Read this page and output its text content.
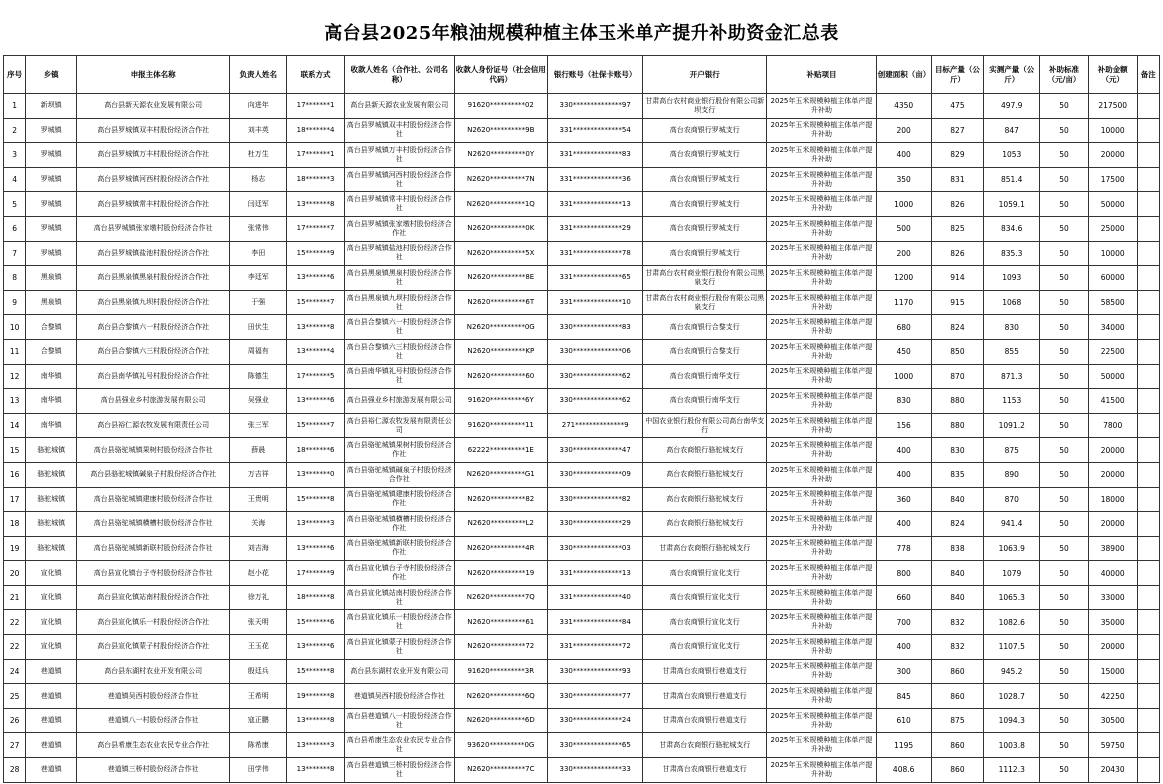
高台县2025年粮油规模种植主体玉米单产提升补助资金汇总表
序号	乡镇	申报主体名称	负责人姓名	联系方式	收款人姓名（合作社、公司名称）	收款人身份证号（社会信用代码）	银行账号（社保卡账号）	开户银行	补贴项目	创建面积（亩）	目标产量（公斤）	实测产量（公斤）	补助标准（元/亩）	补助金额（元）	备注
1	新坝镇	高台县新天源农业发展有限公司	向进年	17*******1	高台县新天源农业发展有限公司	91620**********02	330**************97	甘肃高台农村商业银行股份有限公司新坝支行	2025年玉米规模种植主体单产提升补助	4350	475	497.9	50	217500	
2	罗城镇	高台县罗城镇双丰村股份经济合作社	刘丰英	18*******4	高台县罗城镇双丰村股份经济合作社	N2620**********9B	331**************54	高台农商银行罗城支行	2025年玉米规模种植主体单产提升补助	200	827	847	50	10000	
3	罗城镇	高台县罗城镇万丰村股份经济合作社	杜万生	17*******1	高台县罗城镇万丰村股份经济合作社	N2620**********0Y	331**************83	高台农商银行罗城支行	2025年玉米规模种植主体单产提升补助	400	829	1053	50	20000	
4	罗城镇	高台县罗城镇河西村股份经济合作社	杨志	18*******3	高台县罗城镇河西村股份经济合作社	N2620**********7N	331**************36	高台农商银行罗城支行	2025年玉米规模种植主体单产提升补助	350	831	851.4	50	17500	
5	罗城镇	高台县罗城镇常丰村股份经济合作社	闫廷军	13*******8	高台县罗城镇常丰村股份经济合作社	N2620**********1Q	331**************13	高台农商银行罗城支行	2025年玉米规模种植主体单产提升补助	1000	826	1059.1	50	50000	
6	罗城镇	高台县罗城镇张家墩村股份经济合作社	张常伟	17*******7	高台县罗城镇张家墩村股份经济合作社	N2620**********0K	331**************29	高台农商银行罗城支行	2025年玉米规模种植主体单产提升补助	500	825	834.6	50	25000	
7	罗城镇	高台县罗城镇盐池村股份经济合作社	李田	15*******9	高台县罗城镇盐池村股份经济合作社	N2620**********5X	331**************78	高台农商银行罗城支行	2025年玉米规模种植主体单产提升补助	200	826	835.3	50	10000	
8	黑泉镇	高台县黑泉镇黑泉村股份经济合作社	李廷军	13*******6	高台县黑泉镇黑泉村股份经济合作社	N2620**********8E	331**************65	甘肃高台农村商业银行股份有限公司黑泉支行	2025年玉米规模种植主体单产提升补助	1200	914	1093	50	60000	
9	黑泉镇	高台县黑泉镇九坝村股份经济合作社	于强	15*******7	高台县黑泉镇九坝村股份经济合作社	N2620**********6T	331**************10	甘肃高台农村商业银行股份有限公司黑泉支行	2025年玉米规模种植主体单产提升补助	1170	915	1068	50	58500	
10	合黎镇	高台县合黎镇六一村股份经济合作社	田伏生	13*******8	高台县合黎镇六一村股份经济合作社	N2620**********0G	330**************83	高台农商银行合黎支行	2025年玉米规模种植主体单产提升补助	680	824	830	50	34000	
11	合黎镇	高台县合黎镇六三村股份经济合作社	周福有	13*******4	高台县合黎镇六三村股份经济合作社	N2620**********KP	330**************06	高台农商银行合黎支行	2025年玉米规模种植主体单产提升补助	450	850	855	50	22500	
12	南华镇	高台县南华镇礼号村股份经济合作社	陈德生	17*******5	高台县南华镇礼号村股份经济合作社	N2620**********60	330**************62	高台农商银行南华支行	2025年玉米规模种植主体单产提升补助	1000	870	871.3	50	50000	
13	南华镇	高台县强业乡村旅游发展有限公司	吴强业	13*******6	高台县强业乡村旅游发展有限公司	91620**********6Y	330**************62	高台农商银行南华支行	2025年玉米规模种植主体单产提升补助	830	880	1153	50	41500	
14	南华镇	高台县裕仁源农牧发展有限责任公司	张三军	15*******7	高台县裕仁源农牧发展有限责任公司	91620**********11	271**************9	中国农业银行股份有限公司高台南华支行	2025年玉米规模种植主体单产提升补助	156	880	1091.2	50	7800	
15	骆驼城镇	高台县骆驼城镇果树村股份经济合作社	薛晨	18*******6	高台县骆驼城镇果树村股份经济合作社	62222**********1E	330**************47	高台农商银行骆驼城支行	2025年玉米规模种植主体单产提升补助	400	830	875	50	20000	
16	骆驼城镇	高台县骆驼城镇碱泉子村股份经济合作社	万吉祥	13*******0	高台县骆驼城镇碱泉子村股份经济合作社	N2620**********G1	330**************09	高台农商银行骆驼城支行	2025年玉米规模种植主体单产提升补助	400	835	890	50	20000	
17	骆驼城镇	高台县骆驼城镇建康村股份经济合作社	王贵明	15*******8	高台县骆驼城镇建康村股份经济合作社	N2620**********82	330**************82	高台农商银行骆驼城支行	2025年玉米规模种植主体单产提升补助	360	840	870	50	18000	
18	骆驼城镇	高台县骆驼城镇横槽村股份经济合作社	关海	13*******3	高台县骆驼城镇横槽村股份经济合作社	N2620**********L2	330**************29	高台农商银行骆驼城支行	2025年玉米规模种植主体单产提升补助	400	824	941.4	50	20000	
19	骆驼城镇	高台县骆驼城镇新联村股份经济合作社	刘吉海	13*******6	高台县骆驼城镇新联村股份经济合作社	N2620**********4R	330**************03	甘肃高台农商银行骆驼城支行	2025年玉米规模种植主体单产提升补助	778	838	1063.9	50	38900	
20	宣化镇	高台县宣化镇台子寺村股份经济合作社	赵小花	17*******9	高台县宣化镇台子寺村股份经济合作社	N2620**********19	331**************13	高台农商银行宣化支行	2025年玉米规模种植主体单产提升补助	800	840	1079	50	40000	
21	宣化镇	高台县宣化镇站南村股份经济合作社	徐万礼	18*******8	高台县宣化镇站南村股份经济合作社	N2620**********7Q	331**************40	高台农商银行宣化支行	2025年玉米规模种植主体单产提升补助	660	840	1065.3	50	33000	
22	宣化镇	高台县宣化镇乐一村股份经济合作社	张天明	15*******6	高台县宣化镇乐一村股份经济合作社	N2620**********61	331**************84	高台农商银行宣化支行	2025年玉米规模种植主体单产提升补助	700	832	1082.6	50	35000	
22	宣化镇	高台县宣化镇蒙子村股份经济合作社	王玉花	13*******6	高台县宣化镇蒙子村股份经济合作社	N2620**********72	331**************72	高台农商银行宣化支行	2025年玉米规模种植主体单产提升补助	400	832	1107.5	50	20000	
24	巷道镇	高台县东湖村农业开发有限公司	殷廷兵	15*******8	高台县东湖村农业开发有限公司	91620**********3R	330**************93	甘肃高台农商银行巷道支行	2025年玉米规模种植主体单产提升补助	300	860	945.2	50	15000	
25	巷道镇	巷道镇吴西村股份经济合作社	王希明	19*******8	巷道镇吴西村股份经济合作社	N2620**********6Q	330**************77	甘肃高台农商银行巷道支行	2025年玉米规模种植主体单产提升补助	845	860	1028.7	50	42250	
26	巷道镇	巷道镇八一村股份经济合作社	寇正鹏	13*******8	高台县巷道镇八一村股份经济合作社	N2620**********6D	330**************24	甘肃高台农商银行巷道支行	2025年玉米规模种植主体单产提升补助	610	875	1094.3	50	30500	
27	巷道镇	高台县希康生态农业农民专业合作社	陈希康	13*******3	高台县希康生态农业农民专业合作社	93620**********0G	330**************65	甘肃高台农商银行骆驼城支行	2025年玉米规模种植主体单产提升补助	1195	860	1003.8	50	59750	
28	巷道镇	巷道镇三桥村股份经济合作社	田学伟	13*******8	高台县巷道镇三桥村股份经济合作社	N2620**********7C	330**************33	甘肃高台农商银行巷道支行	2025年玉米规模种植主体单产提升补助	408.6	860	1112.3	50	20430	
